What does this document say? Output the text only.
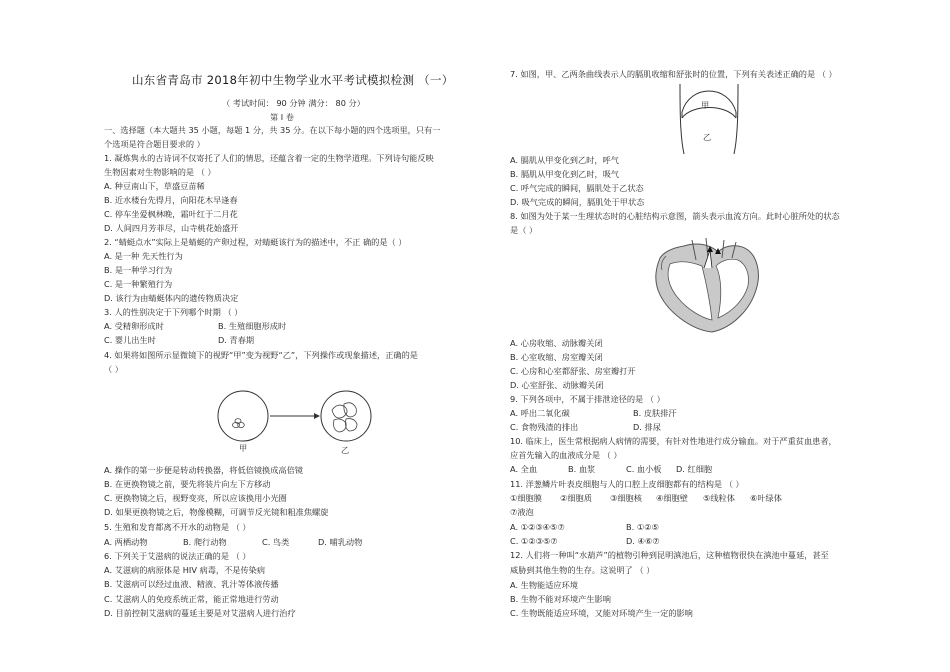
山东省青岛市 2018年初中生物学业水平考试模拟检测 （一）
（ 考试时间： 90 分钟 满分： 80 分）
第 I 卷
一、选择题（本大题共 35 小题，每题 1 分，共 35 分。在以下每小题的四个选项里，只有一
个选项是符合题目要求的 ）
1. 凝炼隽永的古诗词不仅寄托了人们的情思，还蕴含着一定的生物学道理。下列诗句能反映
生物因素对生物影响的是 （ ）
A. 种豆南山下，草盛豆苗稀
B. 近水楼台先得月，向阳花木早逢春
C. 停车坐爱枫林晚，霜叶红于二月花
D. 人间四月芳菲尽，山寺桃花始盛开
2. “蜻蜓点水”实际上是蜻蜓的产卵过程，对蜻蜓该行为的描述中，不正 确的是（ ）
A. 是一种 先天性行为
B. 是一种学习行为
C. 是一种繁殖行为
D. 该行为由蜻蜓体内的遗传物质决定
3. 人的性别决定于下列哪个时期 （ ）
A. 受精卵形成时	B. 生殖细胞形成时
C. 婴儿出生时	D. 青春期
4. 如果将如图所示显微镜下的视野“甲”变为视野“乙”，下列操作或现象描述，正确的是
（ ）
甲	乙
A. 操作的第一步便是转动转换器，将低倍镜换成高倍镜
B. 在更换物镜之前，要先将装片向左下方移动
C. 更换物镜之后，视野变亮，所以应该换用小光圈
D. 如果更换物镜之后，物像模糊，可调节反光镜和粗准焦螺旋
5. 生殖和发育都离不开水的动物是 （ ）
A. 两栖动物	B. 爬行动物	C. 鸟类	D. 哺乳动物
6. 下列关于艾滋病的说法正确的是 （ ）
A. 艾滋病的病原体是 HIV 病毒，不是传染病
B. 艾滋病可以经过血液、精液、乳汁等体液传播
C. 艾滋病人的免疫系统正常，能正常地进行劳动
D. 目前控制艾滋病的蔓延主要是对艾滋病人进行治疗
7. 如图，甲、乙两条曲线表示人的膈肌收缩和舒张时的位置，下列有关表述正确的是 （ ）
甲
乙
A. 膈肌从甲变化到乙时，呼气
B. 膈肌从甲变化到乙时，吸气
C. 呼气完成的瞬间，膈肌处于乙状态
D. 吸气完成的瞬间，膈肌处于甲状态
8. 如图为处于某一生理状态时的心脏结构示意图，箭头表示血流方向。此时心脏所处的状态
是（ ）
A. 心房收缩、动脉瓣关闭
B. 心室收缩、房室瓣关闭
C. 心房和心室都舒张、房室瓣打开
D. 心室舒张、动脉瓣关闭
9. 下列各项中，不属于排泄途径的是 （ ）
A. 呼出二氧化碳	B. 皮肤排汗
C. 食物残渣的排出	D. 排尿
10. 临床上，医生常根据病人病情的需要，有针对性地进行成分输血。对于严重贫血患者，
应首先输入的血液成分是 （ ）
A. 全血	B. 血浆	C. 血小板 D. 红细胞
11. 洋葱鳞片叶表皮细胞与人的口腔上皮细胞都有的结构是 （ ）
①细胞膜 ②细胞质 ③细胞核 ④细胞壁 ⑤线粒体 ⑥叶绿体
⑦液泡
A. ①②③④⑤⑦	B. ①②⑤
C. ①②③⑤⑦	D. ④⑥⑦
12. 人们将一种叫“水葫芦”的植物引种到昆明滇池后，这种植物很快在滇池中蔓延，甚至
威胁到其他生物的生存。这说明了 （ ）
A. 生物能适应环境
B. 生物不能对环境产生影响
C. 生物既能适应环境，又能对环境产生一定的影响
